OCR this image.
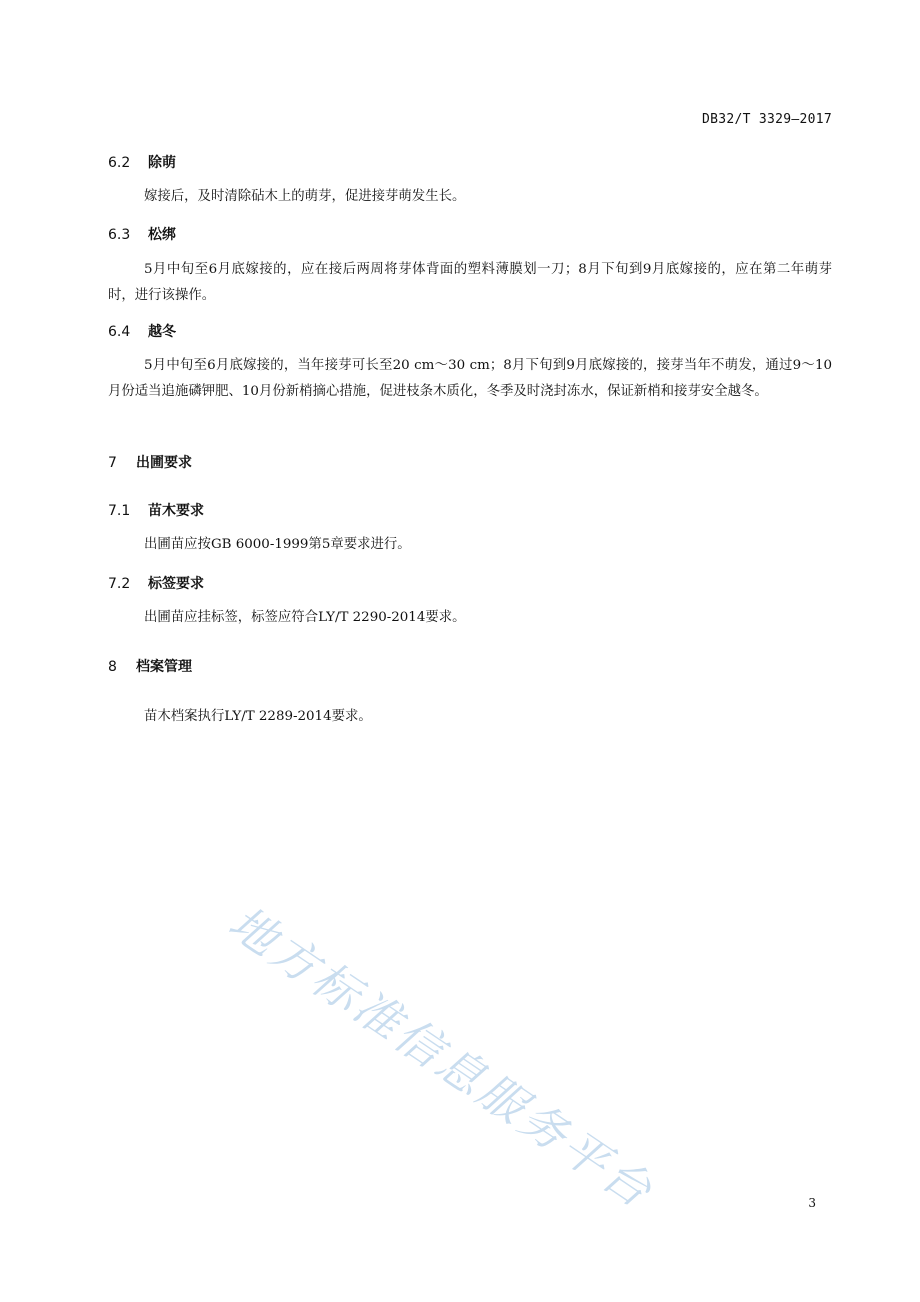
DB32/T 3329—2017
6.2 除萌
嫁接后，及时清除砧木上的萌芽，促进接芽萌发生长。
6.3 松绑
5月中旬至6月底嫁接的，应在接后两周将芽体背面的塑料薄膜划一刀；8月下旬到9月底嫁接的，应在第二年萌芽时，进行该操作。
6.4 越冬
5月中旬至6月底嫁接的，当年接芽可长至20 cm～30 cm；8月下旬到9月底嫁接的，接芽当年不萌发，通过9～10月份适当追施磷钾肥、10月份新梢摘心措施，促进枝条木质化，冬季及时浇封冻水，保证新梢和接芽安全越冬。
7 出圃要求
7.1 苗木要求
出圃苗应按GB 6000-1999第5章要求进行。
7.2 标签要求
出圃苗应挂标签，标签应符合LY/T 2290-2014要求。
8 档案管理
苗木档案执行LY/T 2289-2014要求。
地方标准信息服务平台	3
